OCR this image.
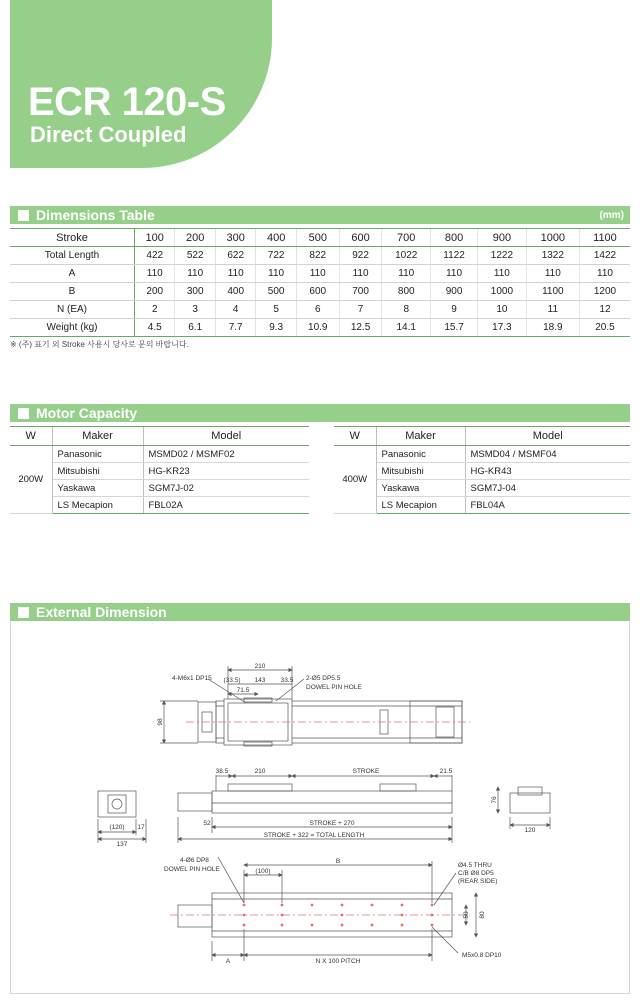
ECR 120-S
Direct Coupled
Dimensions Table	(mm)
Stroke	100	200	300	400	500	600	700	800	900	1000	1100
Total Length	422	522	622	722	822	922	1022	1122	1222	1322	1422
A	110	110	110	110	110	110	110	110	110	110	110
B	200	300	400	500	600	700	800	900	1000	1100	1200
N (EA)	2	3	4	5	6	7	8	9	10	11	12
Weight (kg)	4.5	6.1	7.7	9.3	10.9	12.5	14.1	15.7	17.3	18.9	20.5
※ (주) 표기 외 Stroke 사용시 당사로 문의 바랍니다.
Motor Capacity
W	Maker	Model
200W	Panasonic	MSMD02 / MSMF02
	Mitsubishi	HG-KR23
	Yaskawa	SGM7J-02
	LS Mecapion	FBL02A
W	Maker	Model
400W	Panasonic	MSMD04 / MSMF04
	Mitsubishi	HG-KR43
	Yaskawa	SGM7J-04
	LS Mecapion	FBL04A
External Dimension
210
(33.5) 143 33.5
71.5
98
4-M6x1 DP15	2-Ø5 DP5.5
DOWEL PIN HOLE
38.5	210	STROKE	21.5
52	STROKE + 270
STROKE + 322 = TOTAL LENGTH
(120) 17
137
76
120
4-Ø6 DP8
DOWEL PIN HOLE	(100)
B
Ø4.5 THRU
C/B Ø8 DP5
(REAR SIDE)
50 80
A	N X 100 PITCH
M5x0.8 DP10
